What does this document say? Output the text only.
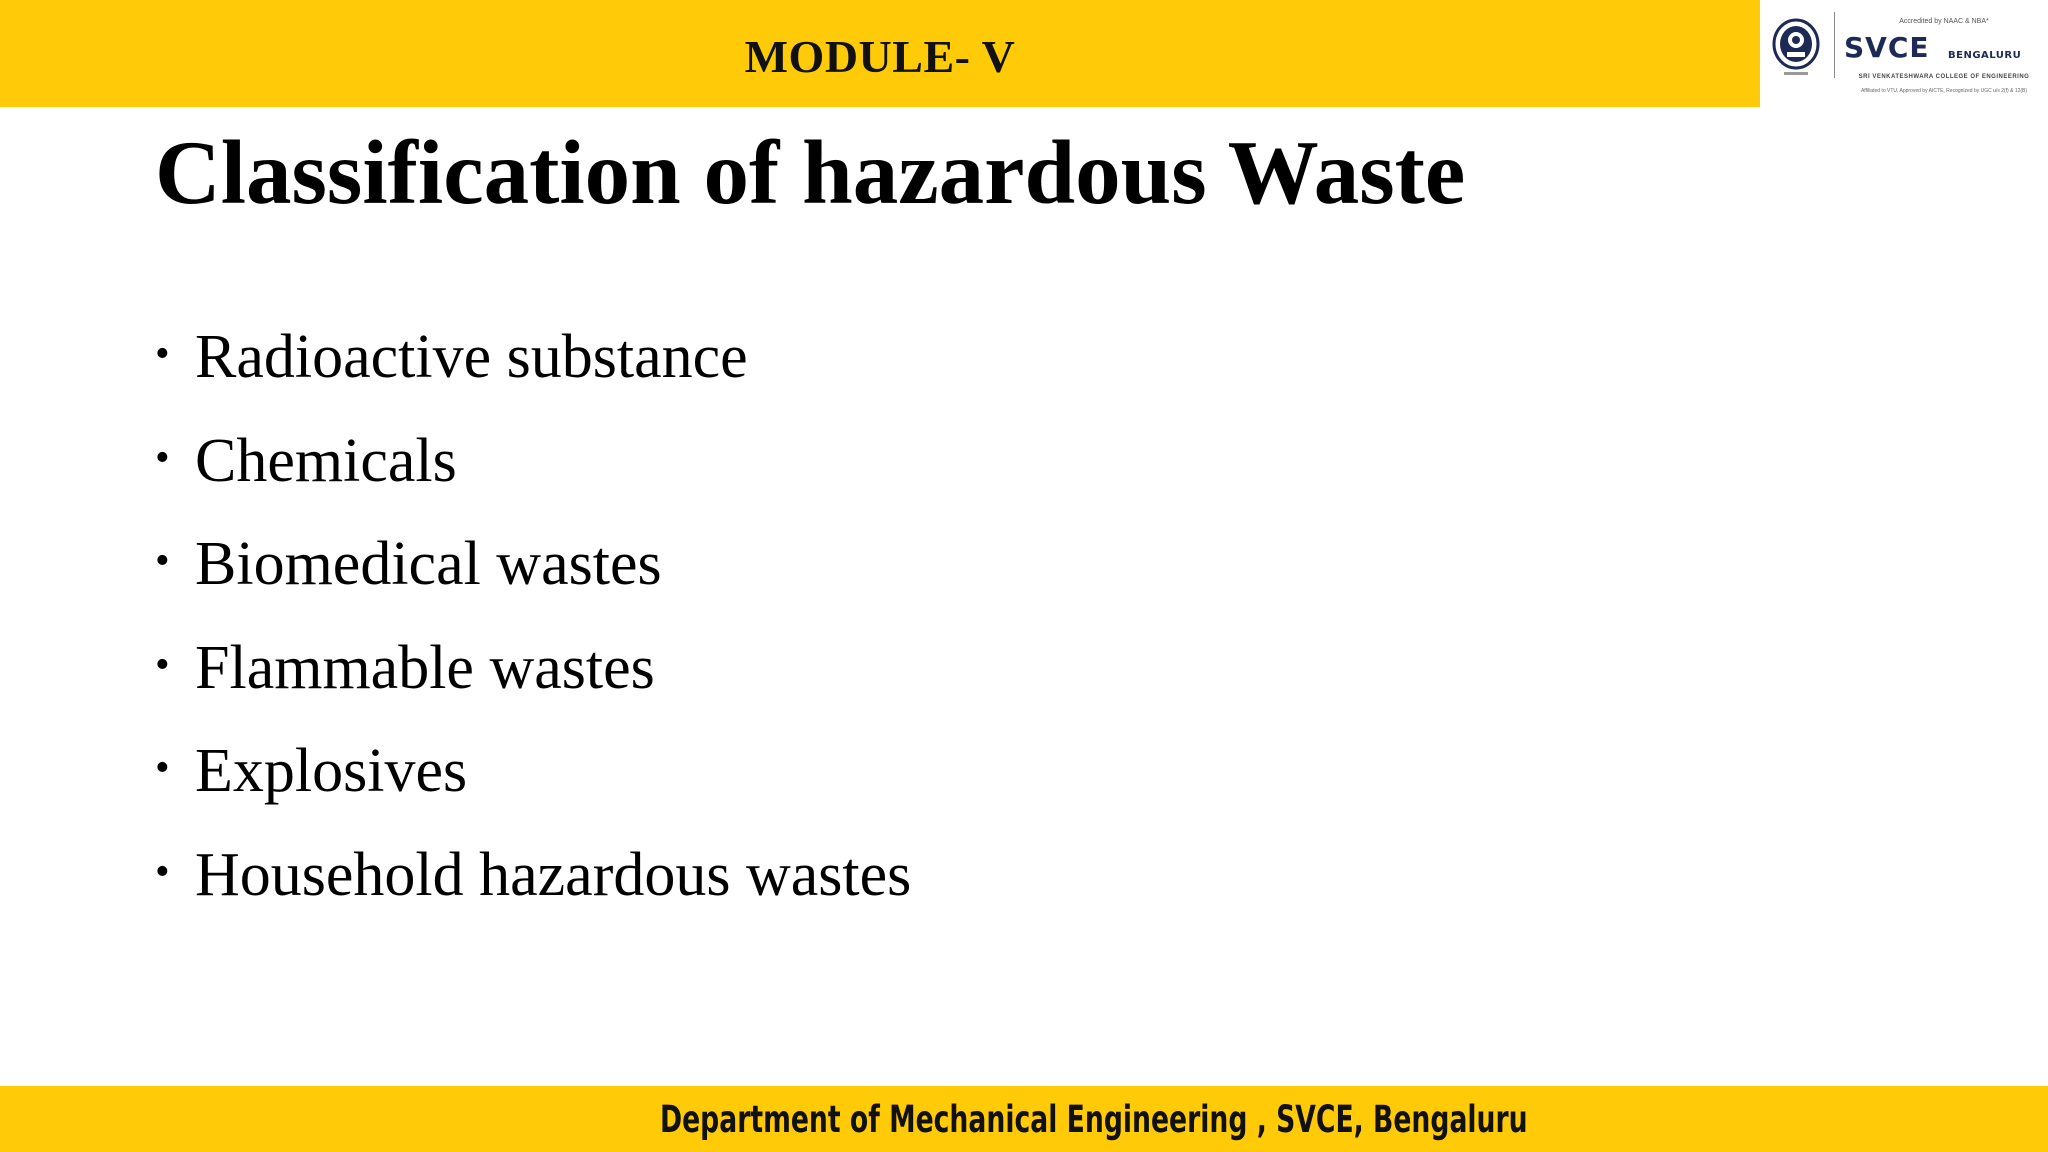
MODULE- V
Accredited by NAAC & NBA*
SVCE BENGALURU
SRI VENKATESHWARA COLLEGE OF ENGINEERING
Affiliated to VTU, Approved by AICTE, Recognized by UGC u/s 2(f) & 12(B)
Classification of hazardous Waste
• Radioactive substance
• Chemicals
• Biomedical wastes
• Flammable wastes
• Explosives
• Household hazardous wastes
Department of Mechanical Engineering , SVCE, Bengaluru
